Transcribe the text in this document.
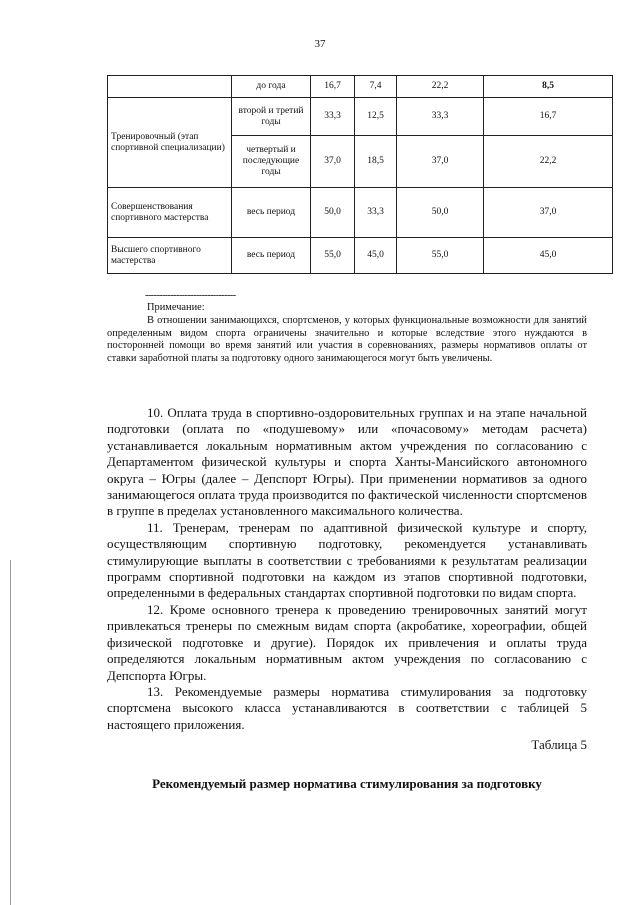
37
	до года	16,7	7,4	22,2	8,5
Тренировочный (этап спортивной специализации)	второй и третий годы	33,3	12,5	33,3	16,7
	четвертый и последующие годы	37,0	18,5	37,0	22,2
Совершенствования спортивного мастерства	весь период	50,0	33,3	50,0	37,0
Высшего спортивного мастерства	весь период	55,0	45,0	55,0	45,0
--------------------------------
Примечание:

В отношении занимающихся, спортсменов, у которых функциональные возможности для занятий определенным видом спорта ограничены значительно и которые вследствие этого нуждаются в посторонней помощи во время занятий или участия в соревнованиях, размеры нормативов оплаты от ставки заработной платы за подготовку одного занимающегося могут быть увеличены.

10. Оплата труда в спортивно-оздоровительных группах и на этапе начальной подготовки (оплата по «подушевому» или «почасовому» методам расчета) устанавливается локальным нормативным актом учреждения по согласованию с Департаментом физической культуры и спорта Ханты-Мансийского автономного округа – Югры (далее – Депспорт Югры). При применении нормативов за одного занимающегося оплата труда производится по фактической численности спортсменов в группе в пределах установленного максимального количества.

11. Тренерам, тренерам по адаптивной физической культуре и спорту, осуществляющим спортивную подготовку, рекомендуется устанавливать стимулирующие выплаты в соответствии с требованиями к результатам реализации программ спортивной подготовки на каждом из этапов спортивной подготовки, определенными в федеральных стандартах спортивной подготовки по видам спорта.

12. Кроме основного тренера к проведению тренировочных занятий могут привлекаться тренеры по смежным видам спорта (акробатике, хореографии, общей физической подготовке и другие). Порядок их привлечения и оплаты труда определяются локальным нормативным актом учреждения по согласованию с Депспорта Югры.

13. Рекомендуемые размеры норматива стимулирования за подготовку спортсмена высокого класса устанавливаются в соответствии с таблицей 5 настоящего приложения.

Таблица 5
Рекомендуемый размер норматива стимулирования за подготовку
